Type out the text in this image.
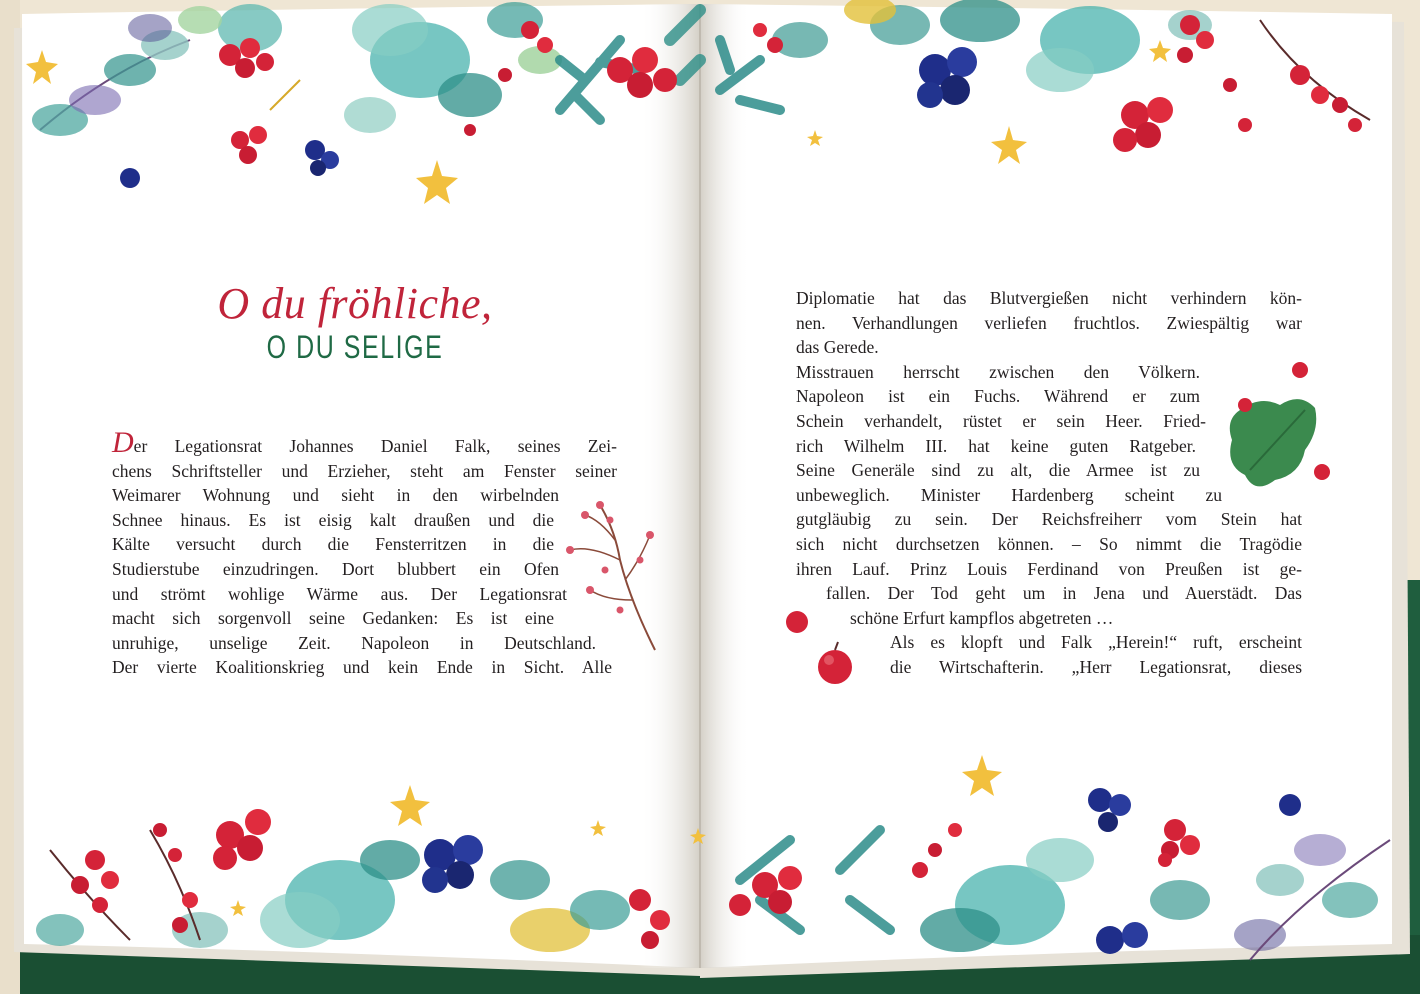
O du fröhliche,
O DU SELIGE
Der Legationsrat Johannes Daniel Falk, seines Zei-
chens Schriftsteller und Erzieher, steht am Fenster seiner
Weimarer Wohnung und sieht in den wirbelnden
Schnee hinaus. Es ist eisig kalt draußen und die
Kälte versucht durch die Fensterritzen in die
Studierstube einzudringen. Dort blubbert ein Ofen
und strömt wohlige Wärme aus. Der Legationsrat
macht sich sorgenvoll seine Gedanken: Es ist eine
unruhige, unselige Zeit. Napoleon in Deutschland.
Der vierte Koalitionskrieg und kein Ende in Sicht. Alle
Diplomatie hat das Blutvergießen nicht verhindern kön-
nen. Verhandlungen verliefen fruchtlos. Zwiespältig war
das Gerede.
Misstrauen herrscht zwischen den Völkern.
Napoleon ist ein Fuchs. Während er zum
Schein verhandelt, rüstet er sein Heer. Fried-
rich Wilhelm III. hat keine guten Ratgeber.
Seine Generäle sind zu alt, die Armee ist zu
unbeweglich. Minister Hardenberg scheint zu
gutgläubig zu sein. Der Reichsfreiherr vom Stein hat
sich nicht durchsetzen können. – So nimmt die Tragödie
ihren Lauf. Prinz Louis Ferdinand von Preußen ist ge-
fallen. Der Tod geht um in Jena und Auerstädt. Das
schöne Erfurt kampflos abgetreten …
Als es klopft und Falk „Herein!“ ruft, erscheint
die Wirtschafterin. „Herr Legationsrat, dieses
